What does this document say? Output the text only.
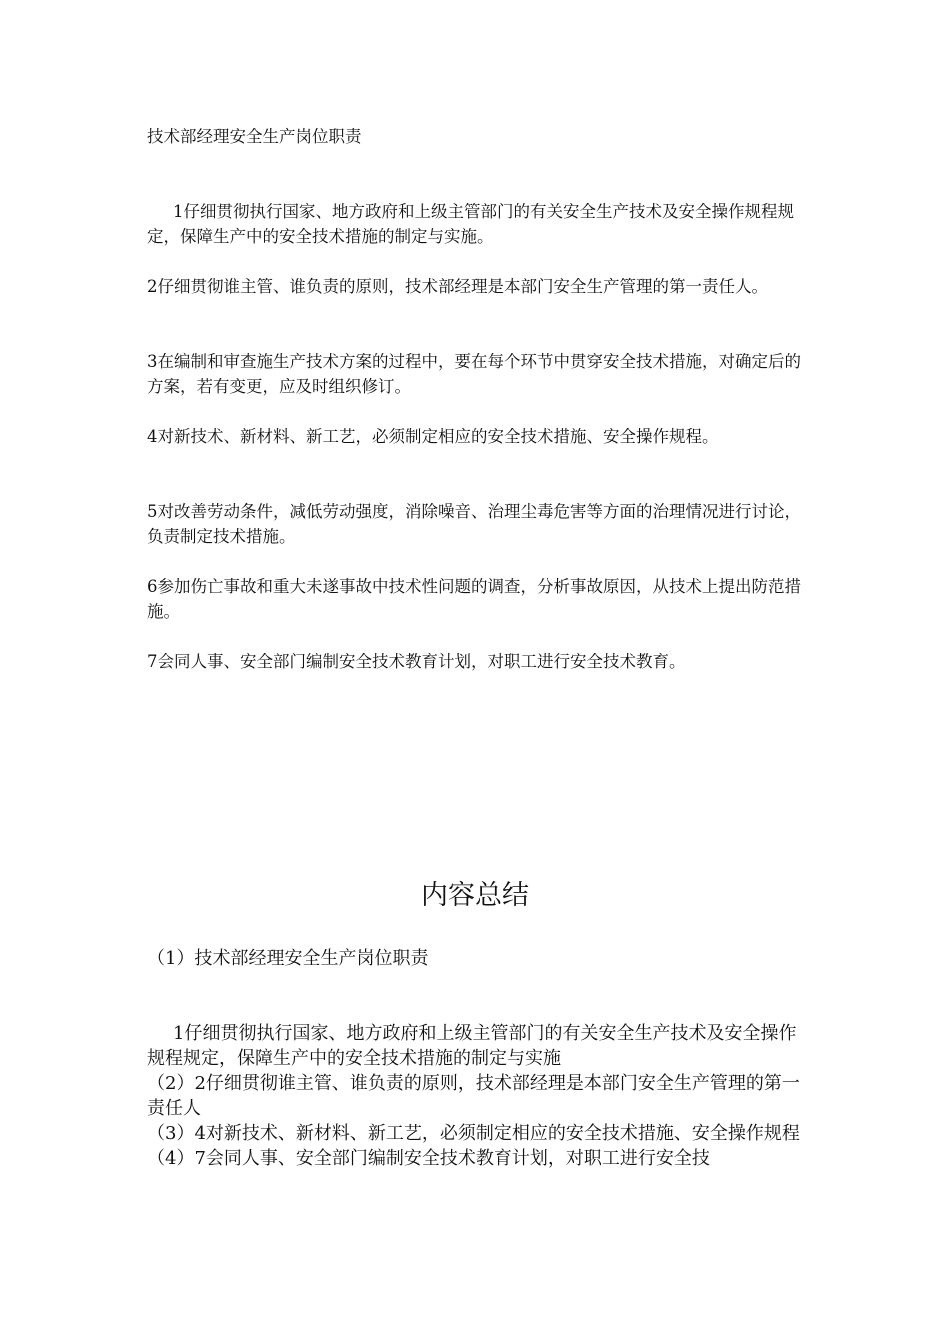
技术部经理安全生产岗位职责

1仔细贯彻执行国家、地方政府和上级主管部门的有关安全生产技术及安全操作规程规定，保障生产中的安全技术措施的制定与实施。

2仔细贯彻谁主管、谁负责的原则，技术部经理是本部门安全生产管理的第一责任人。

3在编制和审查施生产技术方案的过程中，要在每个环节中贯穿安全技术措施，对确定后的方案，若有变更，应及时组织修订。

4对新技术、新材料、新工艺，必须制定相应的安全技术措施、安全操作规程。

5对改善劳动条件，减低劳动强度，消除噪音、治理尘毒危害等方面的治理情况进行讨论，负责制定技术措施。

6参加伤亡事故和重大未遂事故中技术性问题的调查，分析事故原因，从技术上提出防范措施。

7会同人事、安全部门编制安全技术教育计划，对职工进行安全技术教育。

内容总结

（1）技术部经理安全生产岗位职责

1仔细贯彻执行国家、地方政府和上级主管部门的有关安全生产技术及安全操作规程规定，保障生产中的安全技术措施的制定与实施

（2）2仔细贯彻谁主管、谁负责的原则，技术部经理是本部门安全生产管理的第一责任人

（3）4对新技术、新材料、新工艺，必须制定相应的安全技术措施、安全操作规程

（4）7会同人事、安全部门编制安全技术教育计划，对职工进行安全技
